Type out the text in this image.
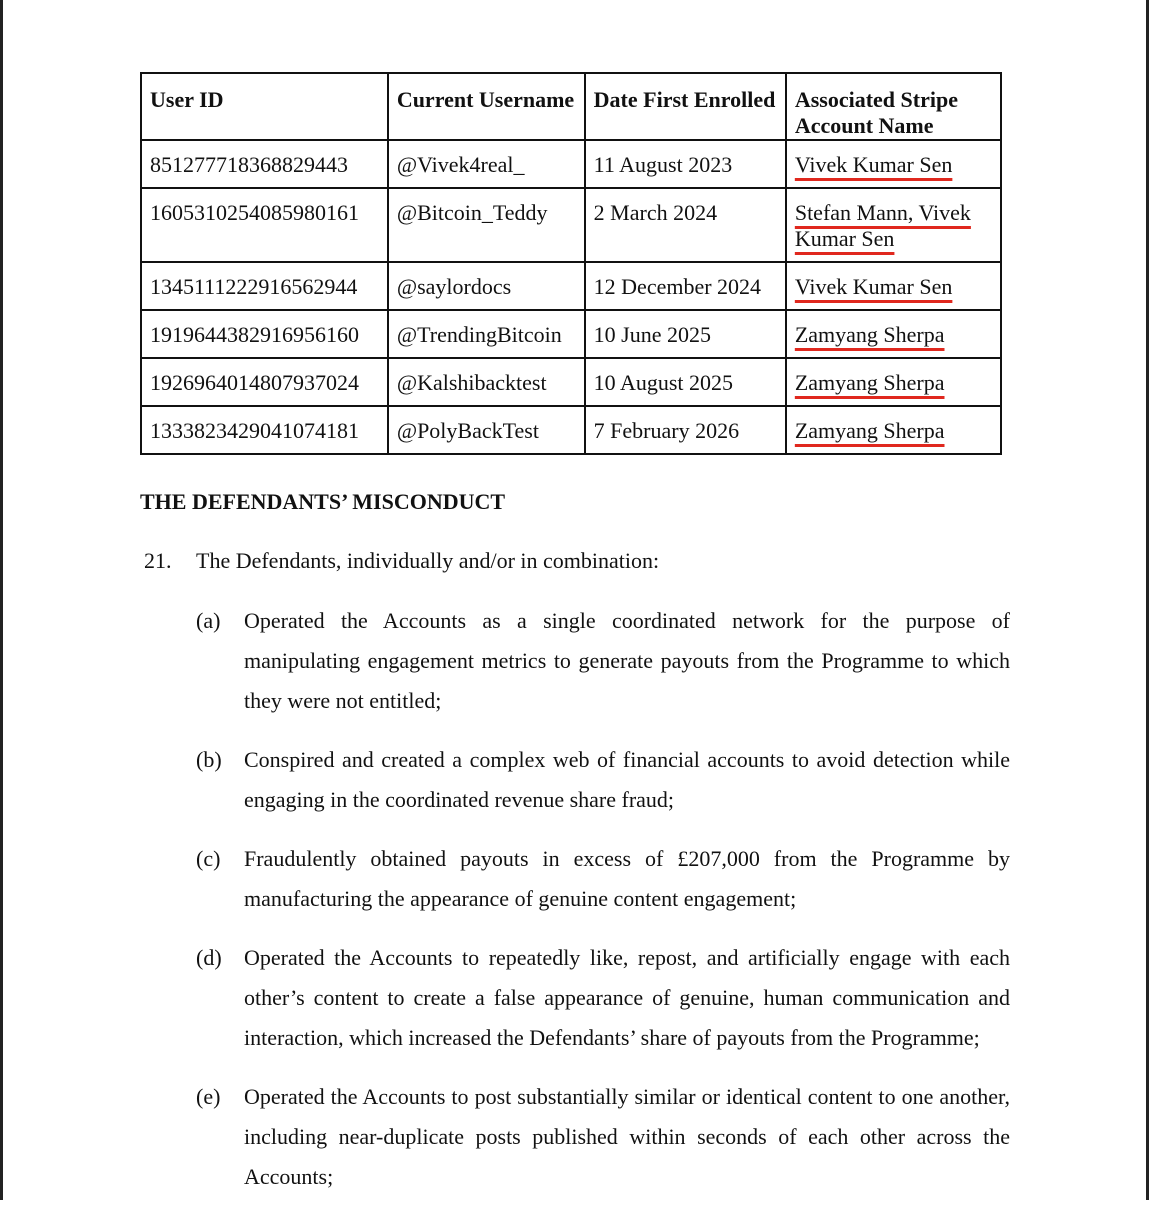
User ID	Current Username	Date First Enrolled	Associated Stripe Account Name
851277718368829443	@Vivek4real_	11 August 2023	Vivek Kumar Sen
1605310254085980161	@Bitcoin_Teddy	2 March 2024	Stefan Mann, Vivek Kumar Sen
1345111222916562944	@saylordocs	12 December 2024	Vivek Kumar Sen
1919644382916956160	@TrendingBitcoin	10 June 2025	Zamyang Sherpa
1926964014807937024	@Kalshibacktest	10 August 2025	Zamyang Sherpa
1333823429041074181	@PolyBackTest	7 February 2026	Zamyang Sherpa
THE DEFENDANTS’ MISCONDUCT

21. The Defendants, individually and/or in combination:

(a)	Operated the Accounts as a single coordinated network for the purpose of manipulating engagement metrics to generate payouts from the Programme to which they were not entitled;
(b)	Conspired and created a complex web of financial accounts to avoid detection while engaging in the coordinated revenue share fraud;
(c)	Fraudulently obtained payouts in excess of £207,000 from the Programme by manufacturing the appearance of genuine content engagement;
(d)	Operated the Accounts to repeatedly like, repost, and artificially engage with each other’s content to create a false appearance of genuine, human communication and interaction, which increased the Defendants’ share of payouts from the Programme;
(e)	Operated the Accounts to post substantially similar or identical content to one another, including near-duplicate posts published within seconds of each other across the Accounts;
